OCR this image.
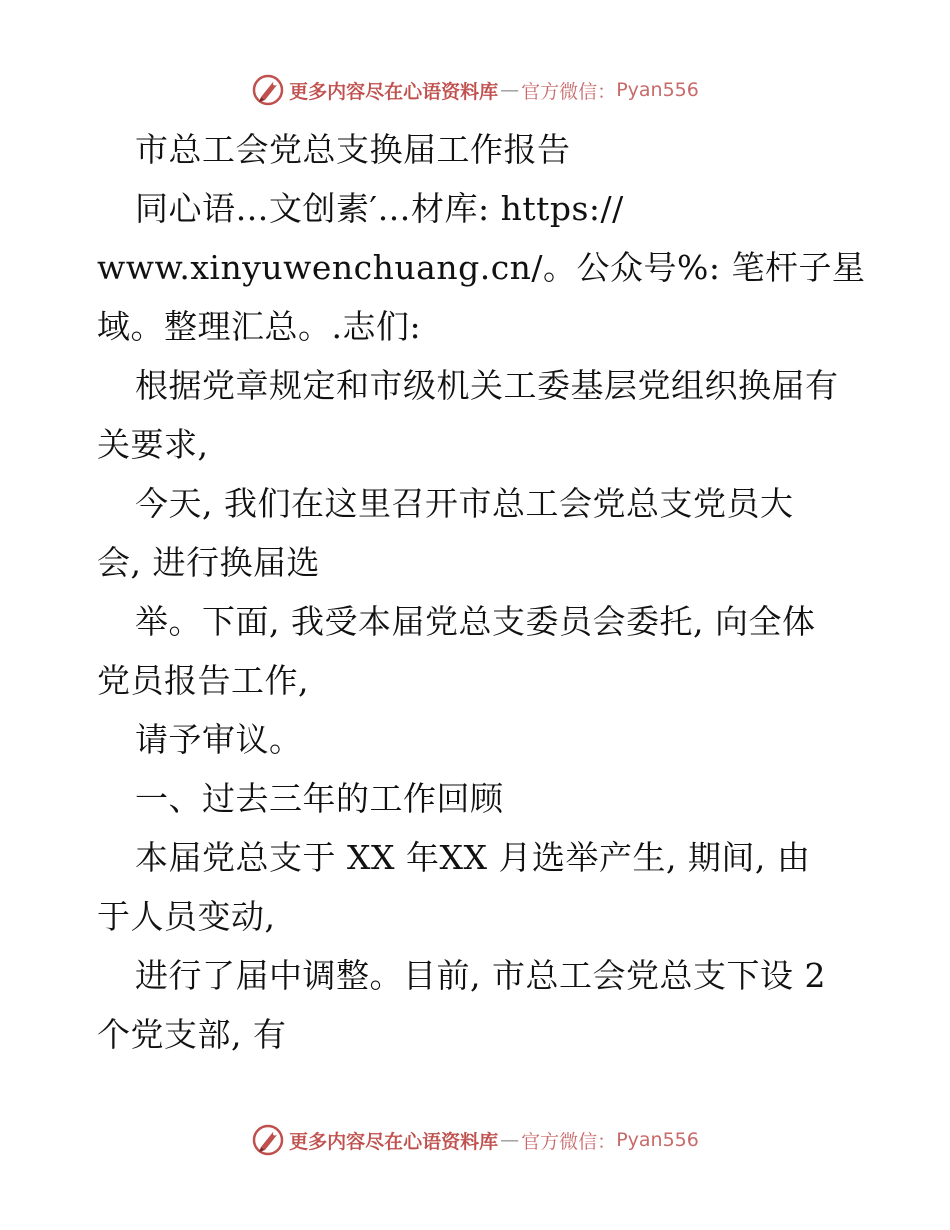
更多内容尽在心语资料库 — 官方微信： Pyan556
市总工会党总支换届工作报告
同心语…文创素′…材库: https://
www.xinyuwenchuang.cn/。公众号%: 笔杆子星
域。整理汇总。.志们:
根据党章规定和市级机关工委基层党组织换届有
关要求,
今天, 我们在这里召开市总工会党总支党员大
会, 进行换届选
举。下面, 我受本届党总支委员会委托, 向全体
党员报告工作,
请予审议。
一、过去三年的工作回顾
本届党总支于 XX 年XX 月选举产生, 期间, 由
于人员变动,
进行了届中调整。目前, 市总工会党总支下设 2
个党支部, 有
更多内容尽在心语资料库 — 官方微信： Pyan556
